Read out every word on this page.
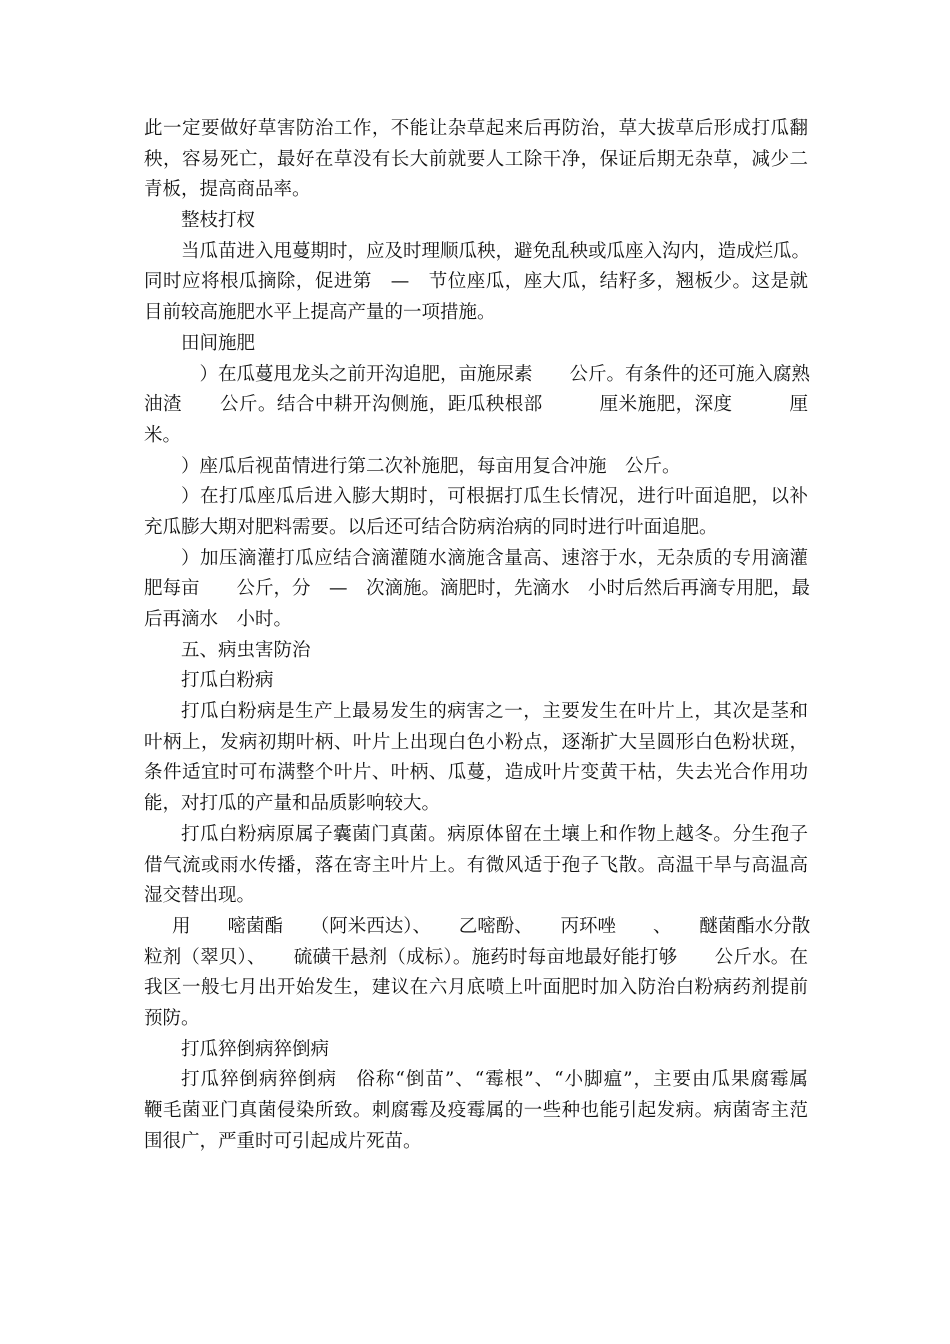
此一定要做好草害防治工作，不能让杂草起来后再防治，草大拔草后形成打瓜翻
秧，容易死亡，最好在草没有长大前就要人工除干净，保证后期无杂草，减少二
青板，提高商品率。
整枝打杈
当瓜苗进入甩蔓期时，应及时理顺瓜秧，避免乱秧或瓜座入沟内，造成烂瓜。
同时应将根瓜摘除，促进第　—　节位座瓜，座大瓜，结籽多，翘板少。这是就
目前较高施肥水平上提高产量的一项措施。
田间施肥
　）在瓜蔓甩龙头之前开沟追肥，亩施尿素　　公斤。有条件的还可施入腐熟
油渣　　公斤。结合中耕开沟侧施，距瓜秧根部　　　厘米施肥，深度　　　厘
米。
）座瓜后视苗情进行第二次补施肥，每亩用复合冲施　公斤。
）在打瓜座瓜后进入膨大期时，可根据打瓜生长情况，进行叶面追肥，以补
充瓜膨大期对肥料需要。以后还可结合防病治病的同时进行叶面追肥。
）加压滴灌打瓜应结合滴灌随水滴施含量高、速溶于水，无杂质的专用滴灌
肥每亩　　公斤，分　—　次滴施。滴肥时，先滴水　小时后然后再滴专用肥，最
后再滴水　小时。
五、病虫害防治
打瓜白粉病
打瓜白粉病是生产上最易发生的病害之一，主要发生在叶片上，其次是茎和
叶柄上，发病初期叶柄、叶片上出现白色小粉点，逐渐扩大呈圆形白色粉状斑，
条件适宜时可布满整个叶片、叶柄、瓜蔓，造成叶片变黄干枯，失去光合作用功
能，对打瓜的产量和品质影响较大。
打瓜白粉病原属子囊菌门真菌。病原体留在土壤上和作物上越冬。分生孢子
借气流或雨水传播，落在寄主叶片上。有微风适于孢子飞散。高温干旱与高温高
湿交替出现。
用　　嘧菌酯　　（阿米西达）、　　乙嘧酚、　　丙环唑　　、　　醚菌酯水分散
粒剂（翠贝）、　　硫磺干悬剂（成标）。施药时每亩地最好能打够　　公斤水。在
我区一般七月出开始发生，建议在六月底喷上叶面肥时加入防治白粉病药剂提前
预防。
打瓜猝倒病猝倒病
打瓜猝倒病猝倒病　俗称“倒苗”、“霉根”、“小脚瘟”，主要由瓜果腐霉属
鞭毛菌亚门真菌侵染所致。刺腐霉及疫霉属的一些种也能引起发病。病菌寄主范
围很广，严重时可引起成片死苗。
